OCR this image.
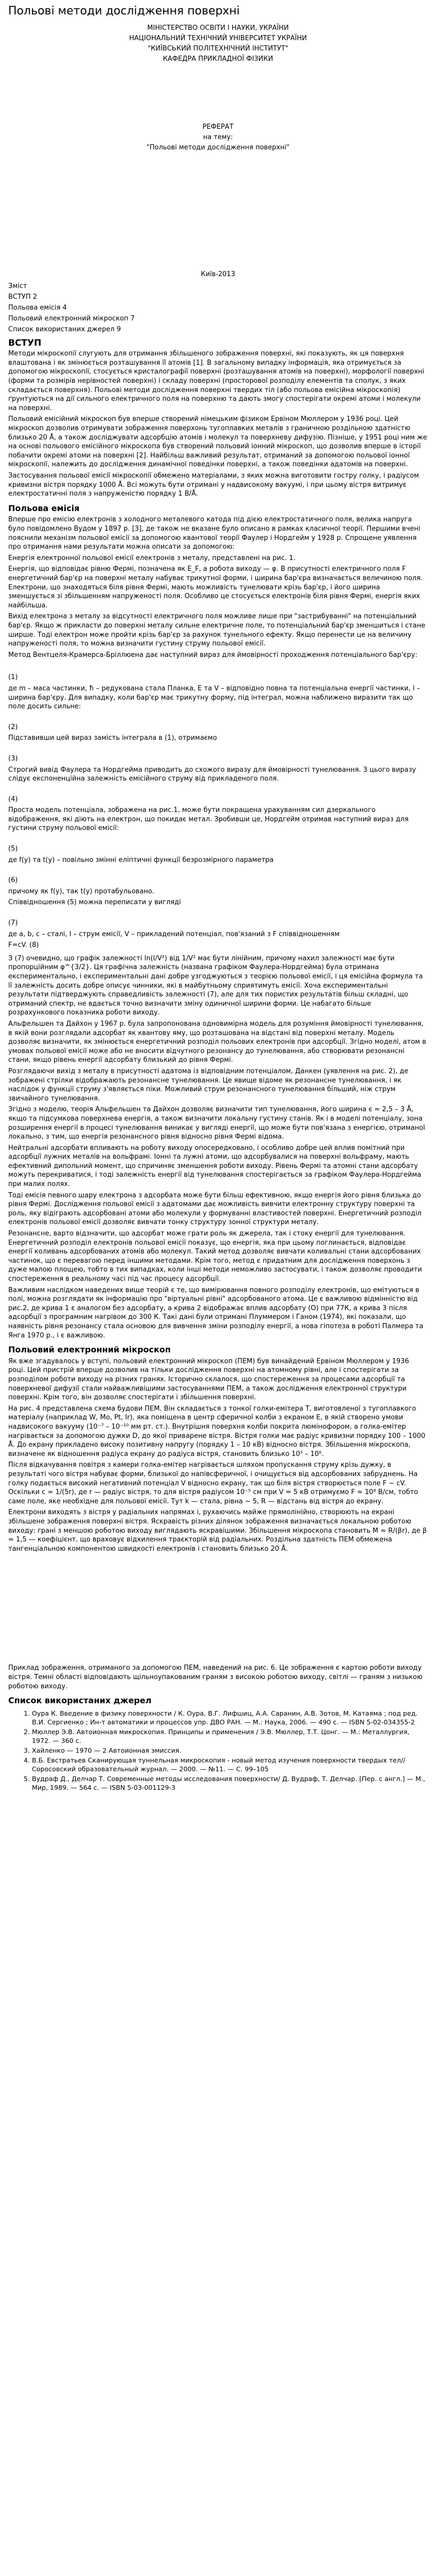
Польові методи дослідження поверхні

МІНІСТЕРСТВО ОСВІТИ І НАУКИ, УКРАЇНИ

НАЦІОНАЛЬНИЙ ТЕХНІЧНИЙ УНІВЕРСИТЕТ УКРАЇНИ

"КИЇВСЬКИЙ ПОЛІТЕХНІЧНИЙ ІНСТИТУТ"

КАФЕДРА ПРИКЛАДНОЇ ФІЗИКИ

РЕФЕРАТ

на тему:

"Польові методи дослідження поверхні"

Київ-2013

Зміст

ВСТУП 2

Польова емісія 4

Польовий електронний мікроскоп 7

Список використаних джерел 9

ВСТУП

Методи мікроскопії слугують для отримання збільшеного зображення поверхні, які показують, як ця поверхня влаштована і як змінюється розташування її атомів [1]. В загальному випадку інформація, яка отримується за допомогою мікроскопії, стосується кристалографії поверхні (розташування атомів на поверхні), морфології поверхні (форми та розмірів нерівностей поверхні) і складу поверхні (просторової розподілу елементів та сполук, з яких складається поверхня). Польові методи дослідження поверхні твердих тіл (або польова емісійна мікроскопія) ґрунтуються на дії сильного електричного поля на поверхню та дають змогу спостерігати окремі атоми і молекули на поверхні.

Польовий емісійний мікроскоп був вперше створений німецьким фізиком Ервіном Мюллером у 1936 році. Цей мікроскоп дозволив отримувати зображення поверхонь тугоплавких металів з граничною роздільною здатністю близько 20 Å, а також досліджувати адсорбцію атомів і молекул та поверхневу дифузію. Пізніше, у 1951 році ним же на основі польового емісійного мікроскопа був створений польовий іонний мікроскоп, що дозволив вперше в історії побачити окремі атоми на поверхні [2]. Найбільш важливий результат, отриманий за допомогою польової іонної мікроскопії, належить до дослідження динамічної поведінки поверхні, а також поведінки адатомів на поверхні.

Застосування польової емісії мікроскопії обмежено матеріалами, з яких можна виготовити гостру голку, і радіусом кривизни вістря порядку 1000 Å. Всі можуть бути отримані у надвисокому вакуумі, і при цьому вістря витримує електростатичні поля з напруженістю порядку 1 В/Å.

Польова емісія

Вперше про емісію електронів з холодного металевого катода під дією електростатичного поля, велика напруга було повідомлено Вудом у 1897 р. [3], де також не вказане було описано в рамках класичної теорії. Першими вчені пояснили механізм польової емісії за допомогою квантової теорії Фаулер і Нордгейм у 1928 р. Спрощене уявлення про отримання нами результати можна описати за допомогою:

Енергія електронної польової емісії електронів з металу, представлені на рис. 1.

Енергія, що відповідає рівню Фермі, позначена як E_F, а робота виходу — φ. В присутності електричного поля F енергетичний бар'єр на поверхні металу набуває трикутної форми, і ширина бар'єра визначається величиною поля. Електрони, що знаходяться біля рівня Фермі, мають можливість тунелювати крізь бар'єр, і його ширина зменшується зі збільшенням напруженості поля. Особливо це стосується електронів біля рівня Фермі, енергія яких найбільша.

Вихід електрона з металу за відсутності електричного поля можливе лише при "застрибуванні" на потенціальний бар'єр. Якщо ж прикласти до поверхні металу сильне електричне поле, то потенціальний бар'єр зменшиться і стане ширше. Тоді електрон може пройти крізь бар'єр за рахунок тунельного ефекту. Якщо перенести це на величину напруженості поля, то можна визначити густину струму польової емісії.

Метод Вентцеля-Крамерса-Бріллюена дає наступний вираз для ймовірності проходження потенціального бар'єру:

(1)

де m – маса частинки, ħ – редукована стала Планка, E та V – відповідно повна та потенціальна енергії частинки, l – ширина бар'єру. Для випадку, коли бар'єр має трикутну форму, під інтеграл, можна наближено виразити так що поле досить сильне:

(2)

Підставивши цей вираз замість інтеграла в (1), отримаємо

(3)

Строгий вивід Фаулера та Нордгейма приводить до схожого виразу для ймовірності тунелювання. З цього виразу слідує експоненційна залежність емісійного струму від прикладеного поля.

(4)

Проста модель потенціала, зображена на рис.1, може бути покращена урахуванням сил дзеркального відображення, які діють на електрон, що покидає метал. Зробивши це, Нордгейм отримав наступний вираз для густини струму польової емісії:

(5)

де f(y) та t(y) – повільно змінні еліптичні функції безрозмірного параметра

(6)

причому як f(y), так t(y) протабульовано.

Співвідношення (5) можна переписати у вигляді

(7)

де a, b, c – сталі, I – струм емісії, V – прикладений потенціал, пов'язаний з F співвідношенням

F=cV. (8)

З (7) очевидно, що графік залежності ln(I/V²) від 1/V² має бути лінійним, причому нахил залежності має бути пропорційним φ^{3/2}. Ця графічна залежність (названа графіком Фаулера-Нордгейма) була отримана експериментально, і експериментальні дані добре узгоджуються з теорією польової емісії, і ця емісійна формула та її залежність досить добре описує чинники, які в майбутньому сприятимуть емісії. Хоча експериментальні результати підтверджують справедливість залежності (7), але для тих пористих результатів більш складні, що отриманий спектр, не вдається точно визначити зміну одиничної ширини форми. Це набагато більше розрахункового показника роботи виходу.

Альфельшен та Дайхон у 1967 р. була запропонована одновимірна модель для розуміння ймовірності тунелювання, в якій вони розглядали адсорбат як квантову яму, що розташована на відстані від поверхні металу. Модель дозволяє визначити, як змінюється енергетичний розподіл польових електронів при адсорбції. Згідно моделі, атом в умовах польової емісії може або не вносити відчутного резонансу до тунелювання, або створювати резонансні стани, якщо рівень енергії адсорбату близький до рівня Фермі.

Розглядаючи вихід з металу в присутності адатома із відповідним потенціалом, Данкен (уявлення на рис. 2), де зображені стрілки відображають резонансне тунелювання. Це явище відоме як резонансне тунелювання, і як наслідок у функції струму з'являється піки. Можливий струм резонансного тунелювання більший, ніж струм звичайного тунелювання.

Згідно з моделю, теорія Альфельшен та Дайхон дозволяє визначити тип тунелювання, його ширина є ≈ 2,5 – 3 Å, якщо та підсумкова поверхнева енергія, а також визначити локальну густину станів. Як і в моделі потенціалу, зона розширення енергії в процесі тунелювання виникає у вигляді енергії, що може бути пов'язана з енергією, отриманої локально, з тим, що енергія резонансного рівня відносно рівня Фермі відома.

Нейтральні адсорбати впливають на роботу виходу опосередковано, і особливо добре цей вплив помітний при адсорбції лужних металів на вольфрамі. Іонні та лужні атоми, що адсорбувалися на поверхні вольфраму, мають ефективний дипольний момент, що спричиняє зменшення роботи виходу. Рівень Фермі та атомні стани адсорбату можуть перекриватися, і тоді залежність енергії від тунелювання спостерігається за графіком Фаулера-Нордгейма при малих полях.

Тоді емісія певного шару електрона з адсорбата може бути більш ефективною, якщо енергія його рівня близька до рівня Фермі. Дослідження польової емісії з адатомами дає можливість вивчити електронну структуру поверхні та роль, яку відіграють адсорбовані атоми або молекули у формуванні властивостей поверхні. Енергетичний розподіл електронів польової емісії дозволяє вивчати тонку структуру зонної структури металу.

Резонансне, варто відзначити, що адсорбат може грати роль як джерела, так і стоку енергії для тунелювання. Енергетичний розподіл електронів польової емісії показує, що енергія, яка при цьому поглинається, відповідає енергії коливань адсорбованих атомів або молекул. Такий метод дозволяє вивчати коливальні стани адсорбованих частинок, що є перевагою перед іншими методами. Крім того, метод є придатним для дослідження поверхонь з дуже малою площею, тобто в тих випадках, коли інші методи неможливо застосувати, і також дозволяє проводити спостереження в реальному часі під час процесу адсорбції.

Важливим наслідком наведених вище теорій є те, що вимірювання повного розподілу електронів, що емітуються в полі, можна розглядати як інформацію про "віртуальні рівні" адсорбованого атома. Це є важливою відмінністю від рис.2, де крива 1 є аналогом без адсорбату, а крива 2 відображає вплив адсорбату (О) при 77К, а крива 3 після адсорбції з програмним нагрівом до 300 К. Такі дані були отримані Плуммером і Ганом (1974), які показали, що наявність рівня резонансу стала основою для вивчення зміни розподілу енергії, а нова гіпотеза в роботі Палмера та Янга 1970 р., і є важливою.

Польовий електронний мікроскоп

Як вже згадувалось у вступі, польовий електронний мікроскоп (ПЕМ) був винайдений Ервіном Мюллером у 1936 році. Цей пристрій вперше дозволив на тільки дослідження поверхні на атомному рівні, але і спостерігати за розподілом роботи виходу на різних гранях. Історично склалося, що спостереження за процесами адсорбції та поверхневої дифузії стали найважливішими застосуваннями ПЕМ, а також дослідження електронної структури поверхні. Крім того, він дозволяє спостерігати і збільшення поверхні.

На рис. 4 представлена схема будови ПЕМ. Він складається з тонкої голки-емітера T, виготовленої з тугоплавкого матеріалу (наприклад W, Mo, Pt, Ir), яка поміщена в центр сферичної колби з екраном E, в якій створено умови надвисокого вакууму (10⁻⁷ – 10⁻¹⁰ мм рт. ст.). Внутрішня поверхня колби покрита люмінофором, а голка-емітер нагрівається за допомогою дужки D, до якої приварене вістря. Вістря голки має радіус кривизни порядку 100 – 1000 Å. До екрану прикладено високу позитивну напругу (порядку 1 – 10 кВ) відносно вістря. Збільшення мікроскопа, визначене як відношення радіуса екрану до радіуса вістря, становить близько 10⁵ – 10⁶.

Після відкачування повітря з камери голка-емітер нагрівається шляхом пропускання струму крізь дужку, в результаті чого вістря набуває форми, близької до напівсферичної, і очищується від адсорбованих забруднень. На голку подається високий негативний потенціал V відносно екрану, так що біля вістря створюється поле F ~ cV. Оскільки c ≈ 1/(5r), де r — радіус вістря, то для вістря радіусом 10⁻⁵ см при V = 5 кВ отримуємо F ≈ 10⁸ В/см, тобто саме поле, яке необхідне для польової емісії. Тут k — стала, рівна ~ 5, R — відстань від вістря до екрану.

Електрони виходять з вістря у радіальних напрямах і, рухаючись майже прямолінійно, створюють на екрані збільшене зображення поверхні вістря. Яскравість різних ділянок зображення визначається локальною роботою виходу: грані з меншою роботою виходу виглядають яскравішими. Збільшення мікроскопа становить M ≈ R/(βr), де β ≈ 1,5 — коефіцієнт, що враховує відхилення траєкторій від радіальних. Роздільна здатність ПЕМ обмежена тангенціальною компонентою швидкості електронів і становить близько 20 Å.

Приклад зображення, отриманого за допомогою ПЕМ, наведений на рис. 6. Це зображення є картою роботи виходу вістря. Темні області відповідають щільноупакованим граням з високою роботою виходу, світлі — граням з низькою роботою виходу.

Список використаних джерел
1. Оура К. Введение в физику поверхности / К. Оура, В.Г. Лифшиц, А.А. Саранин, А.В. Зотов, М. Катаяма ; под ред. В.И. Сергиенко ; Ин-т автоматики и процессов упр. ДВО РАН. — М.: Наука, 2006. — 490 с. — ISBN 5-02-034355-2
2. Мюллер Э.В. Автоионная микроскопия. Принципы и применения / Э.В. Мюллер, Т.Т. Цонг. — М.: Металлургия, 1972. — 360 с.
3. Хайленко — 1970 — 2 Автоионная эмиссия.
4. В.Б. Евстратьев Сканирующая туннельная микроскопия - новый метод изучения поверхности твердых тел// Соросовский образовательный журнал. — 2000. — №11. — С. 99–105
5. Вудраф Д., Делчар Т. Современные методы исследования поверхности/ Д. Вудраф, Т. Делчар. [Пер. с англ.] — М., Мир, 1989. — 564 с. — ISBN 5-03-001129-3
